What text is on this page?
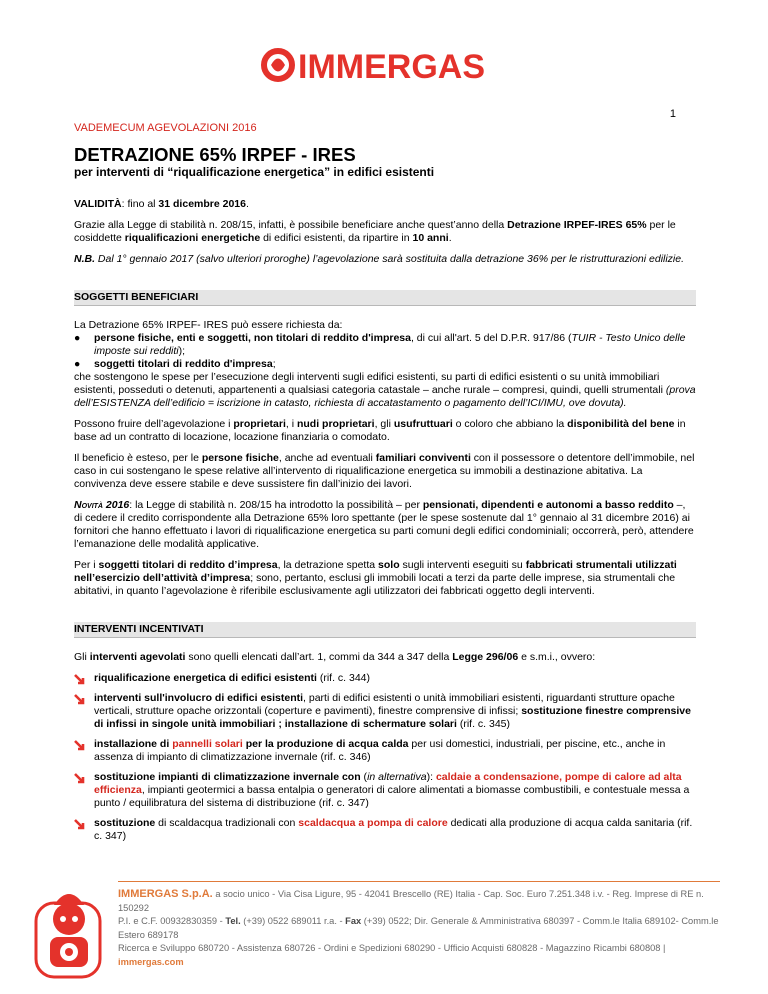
IMMERGAS
1
VADEMECUM AGEVOLAZIONI 2016
DETRAZIONE 65% IRPEF - IRES
per interventi di “riqualificazione energetica” in edifici esistenti

VALIDITÀ: fino al 31 dicembre 2016.

Grazie alla Legge di stabilità n. 208/15, infatti, è possibile beneficiare anche quest’anno della Detrazione IRPEF-IRES 65% per le cosiddette riqualificazioni energetiche di edifici esistenti, da ripartire in 10 anni.

N.B. Dal 1° gennaio 2017 (salvo ulteriori proroghe) l’agevolazione sarà sostituita dalla detrazione 36% per le ristrutturazioni edilizie.

SOGGETTI BENEFICIARI
La Detrazione 65% IRPEF- IRES può essere richiesta da:
● persone fisiche, enti e soggetti, non titolari di reddito d'impresa, di cui all'art. 5 del D.P.R. 917/86 (TUIR - Testo Unico delle imposte sui redditi);
● soggetti titolari di reddito d'impresa;

che sostengono le spese per l’esecuzione degli interventi sugli edifici esistenti, su parti di edifici esistenti o su unità immobiliari esistenti, posseduti o detenuti, appartenenti a qualsiasi categoria catastale – anche rurale – compresi, quindi, quelli strumentali (prova dell’ESISTENZA dell’edificio = iscrizione in catasto, richiesta di accatastamento o pagamento dell’ICI/IMU, ove dovuta).

Possono fruire dell’agevolazione i proprietari, i nudi proprietari, gli usufruttuari o coloro che abbiano la disponibilità del bene in base ad un contratto di locazione, locazione finanziaria o comodato.

Il beneficio è esteso, per le persone fisiche, anche ad eventuali familiari conviventi con il possessore o detentore dell’immobile, nel caso in cui sostengano le spese relative all’intervento di riqualificazione energetica su immobili a destinazione abitativa. La convivenza deve essere stabile e deve sussistere fin dall’inizio dei lavori.

Novità 2016: la Legge di stabilità n. 208/15 ha introdotto la possibilità – per pensionati, dipendenti e autonomi a basso reddito –, di cedere il credito corrispondente alla Detrazione 65% loro spettante (per le spese sostenute dal 1° gennaio al 31 dicembre 2016) ai fornitori che hanno effettuato i lavori di riqualificazione energetica su parti comuni degli edifici condominiali; occorrerà, però, attendere l’emanazione delle modalità applicative.

Per i soggetti titolari di reddito d’impresa, la detrazione spetta solo sugli interventi eseguiti su fabbricati strumentali utilizzati nell’esercizio dell’attività d’impresa; sono, pertanto, esclusi gli immobili locati a terzi da parte delle imprese, sia strumentali che abitativi, in quanto l’agevolazione è riferibile esclusivamente agli utilizzatori dei fabbricati oggetto degli interventi.

INTERVENTI INCENTIVATI

Gli interventi agevolati sono quelli elencati dall’art. 1, commi da 344 a 347 della Legge 296/06 e s.m.i., ovvero:

riqualificazione energetica di edifici esistenti (rif. c. 344)
interventi sull'involucro di edifici esistenti, parti di edifici esistenti o unità immobiliari esistenti, riguardanti strutture opache verticali, strutture opache orizzontali (coperture e pavimenti), finestre comprensive di infissi; sostituzione finestre comprensive di infissi in singole unità immobiliari ; installazione di schermature solari (rif. c. 345)
installazione di pannelli solari per la produzione di acqua calda per usi domestici, industriali, per piscine, etc., anche in assenza di impianto di climatizzazione invernale (rif. c. 346)
sostituzione impianti di climatizzazione invernale con (in alternativa): caldaie a condensazione, pompe di calore ad alta efficienza, impianti geotermici a bassa entalpia o generatori di calore alimentati a biomasse combustibili, e contestuale messa a punto / equilibratura del sistema di distribuzione (rif. c. 347)
sostituzione di scaldacqua tradizionali con scaldacqua a pompa di calore dedicati alla produzione di acqua calda sanitaria (rif. c. 347)
IMMERGAS S.p.A. a socio unico - Via Cisa Ligure, 95 - 42041 Brescello (RE) Italia - Cap. Soc. Euro 7.251.348 i.v. - Reg. Imprese di RE n. 150292
P.I. e C.F. 00932830359 - Tel. (+39) 0522 689011 r.a. - Fax (+39) 0522; Dir. Generale & Amministrativa 680397 - Comm.le Italia 689102- Comm.le Estero 689178
Ricerca e Sviluppo 680720 - Assistenza 680726 - Ordini e Spedizioni 680290 - Ufficio Acquisti 680828 - Magazzino Ricambi 680808 | immergas.com
